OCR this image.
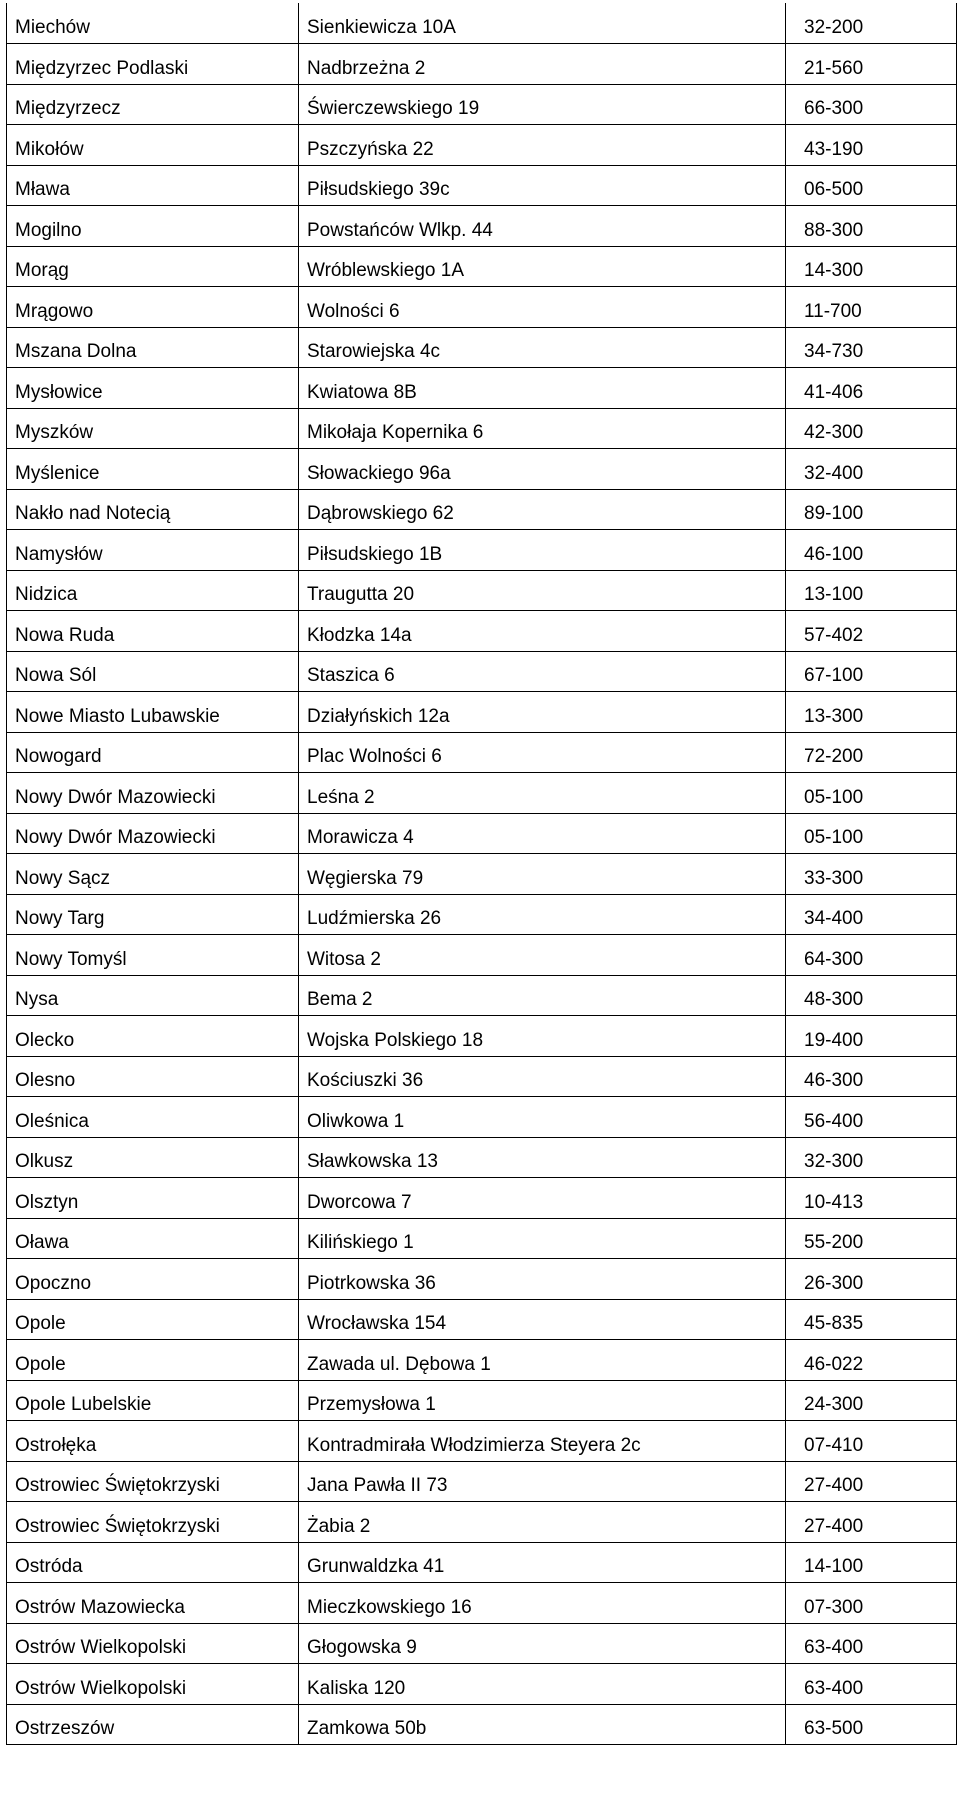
Miechów	Sienkiewicza 10A	32-200
Międzyrzec Podlaski	Nadbrzeżna 2	21-560
Międzyrzecz	Świerczewskiego 19	66-300
Mikołów	Pszczyńska 22	43-190
Mława	Piłsudskiego 39c	06-500
Mogilno	Powstańców Wlkp. 44	88-300
Morąg	Wróblewskiego 1A	14-300
Mrągowo	Wolności 6	11-700
Mszana Dolna	Starowiejska 4c	34-730
Mysłowice	Kwiatowa 8B	41-406
Myszków	Mikołaja Kopernika 6	42-300
Myślenice	Słowackiego 96a	32-400
Nakło nad Notecią	Dąbrowskiego 62	89-100
Namysłów	Piłsudskiego 1B	46-100
Nidzica	Traugutta 20	13-100
Nowa Ruda	Kłodzka 14a	57-402
Nowa Sól	Staszica 6	67-100
Nowe Miasto Lubawskie	Działyńskich 12a	13-300
Nowogard	Plac Wolności 6	72-200
Nowy Dwór Mazowiecki	Leśna 2	05-100
Nowy Dwór Mazowiecki	Morawicza 4	05-100
Nowy Sącz	Węgierska 79	33-300
Nowy Targ	Ludźmierska 26	34-400
Nowy Tomyśl	Witosa 2	64-300
Nysa	Bema 2	48-300
Olecko	Wojska Polskiego 18	19-400
Olesno	Kościuszki 36	46-300
Oleśnica	Oliwkowa 1	56-400
Olkusz	Sławkowska 13	32-300
Olsztyn	Dworcowa 7	10-413
Oława	Kilińskiego 1	55-200
Opoczno	Piotrkowska 36	26-300
Opole	Wrocławska 154	45-835
Opole	Zawada ul. Dębowa 1	46-022
Opole Lubelskie	Przemysłowa 1	24-300
Ostrołęka	Kontradmirała Włodzimierza Steyera 2c	07-410
Ostrowiec Świętokrzyski	Jana Pawła II 73	27-400
Ostrowiec Świętokrzyski	Żabia 2	27-400
Ostróda	Grunwaldzka 41	14-100
Ostrów Mazowiecka	Mieczkowskiego 16	07-300
Ostrów Wielkopolski	Głogowska 9	63-400
Ostrów Wielkopolski	Kaliska 120	63-400
Ostrzeszów	Zamkowa 50b	63-500
